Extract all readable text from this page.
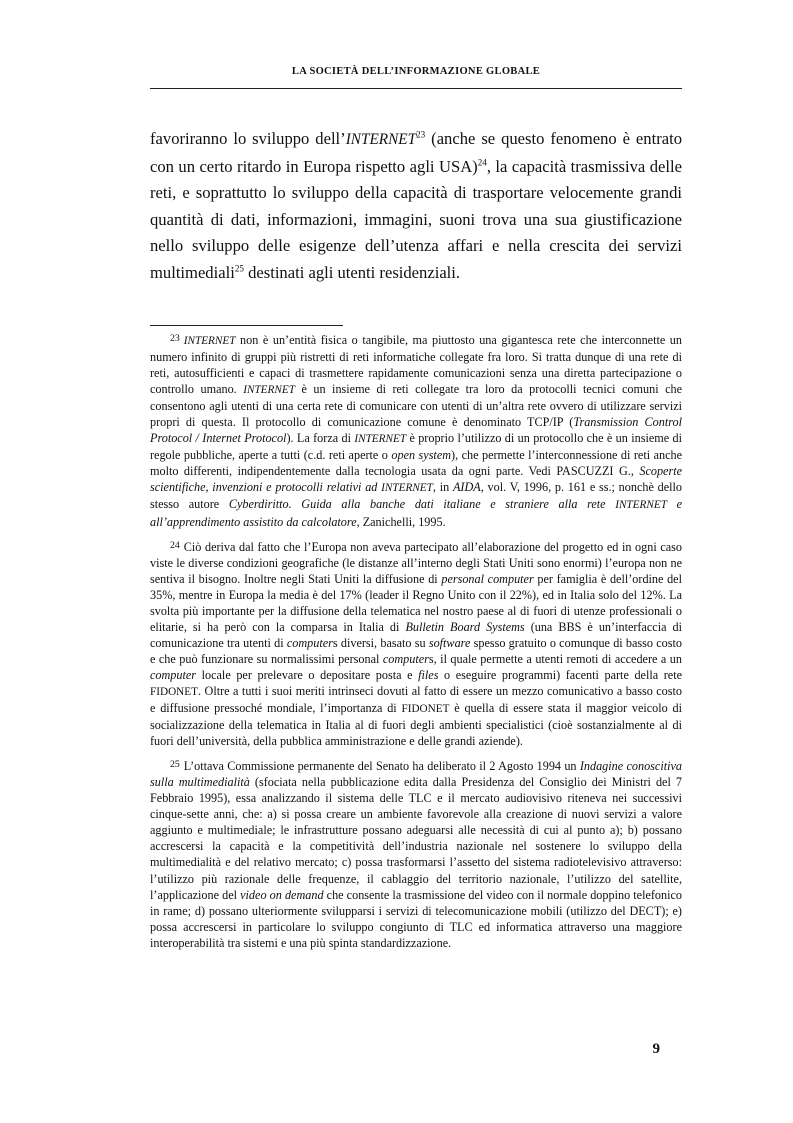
LA SOCIETÀ DELL’INFORMAZIONE GLOBALE
favoriranno lo sviluppo dell’INTERNET$^{23}$ (anche se questo fenomeno è entrato con un certo ritardo in Europa rispetto agli USA)$^{24}$, la capacità trasmissiva delle reti, e soprattutto lo sviluppo della capacità di trasportare velocemente grandi quantità di dati, informazioni, immagini, suoni trova una sua giustificazione nello sviluppo delle esigenze dell’utenza affari e nella crescita dei servizi multimediali$^{25}$ destinati agli utenti residenziali.

$^{23}$ INTERNET non è un’entità fisica o tangibile, ma piuttosto una gigantesca rete che interconnette un numero infinito di gruppi più ristretti di reti informatiche collegate fra loro. Si tratta dunque di una rete di reti, autosufficienti e capaci di trasmettere rapidamente comunicazioni senza una diretta partecipazione o controllo umano. INTERNET è un insieme di reti collegate tra loro da protocolli tecnici comuni che consentono agli utenti di una certa rete di comunicare con utenti di un’altra rete ovvero di utilizzare servizi propri di questa. Il protocollo di comunicazione comune è denominato TCP/IP (Transmission Control Protocol / Internet Protocol). La forza di INTERNET è proprio l’utilizzo di un protocollo che è un insieme di regole pubbliche, aperte a tutti (c.d. reti aperte o open system), che permette l’interconnessione di reti anche molto differenti, indipendentemente dalla tecnologia usata da ogni parte. Vedi PASCUZZI G., Scoperte scientifiche, invenzioni e protocolli relativi ad INTERNET, in AIDA, vol. V, 1996, p. 161 e ss.; nonchè dello stesso autore Cyberdiritto. Guida alla banche dati italiane e straniere alla rete INTERNET e all’apprendimento assistito da calcolatore, Zanichelli, 1995.

$^{24}$ Ciò deriva dal fatto che l’Europa non aveva partecipato all’elaborazione del progetto ed in ogni caso viste le diverse condizioni geografiche (le distanze all’interno degli Stati Uniti sono enormi) l’europa non ne sentiva il bisogno. Inoltre negli Stati Uniti la diffusione di personal computer per famiglia è dell’ordine del 35%, mentre in Europa la media è del 17% (leader il Regno Unito con il 22%), ed in Italia solo del 12%. La svolta più importante per la diffusione della telematica nel nostro paese al di fuori di utenze professionali o elitarie, si ha però con la comparsa in Italia di Bulletin Board Systems (una BBS è un’interfaccia di comunicazione tra utenti di computers diversi, basato su software spesso gratuito o comunque di basso costo e che può funzionare su normalissimi personal computers, il quale permette a utenti remoti di accedere a un computer locale per prelevare o depositare posta e files o eseguire programmi) facenti parte della rete FIDONET. Oltre a tutti i suoi meriti intrinseci dovuti al fatto di essere un mezzo comunicativo a basso costo e diffusione pressoché mondiale, l’importanza di FIDONET è quella di essere stata il maggior veicolo di socializzazione della telematica in Italia al di fuori degli ambienti specialistici (cioè sostanzialmente al di fuori dell’università, della pubblica amministrazione e delle grandi aziende).

$^{25}$ L’ottava Commissione permanente del Senato ha deliberato il 2 Agosto 1994 un Indagine conoscitiva sulla multimedialità (sfociata nella pubblicazione edita dalla Presidenza del Consiglio dei Ministri del 7 Febbraio 1995), essa analizzando il sistema delle TLC e il mercato audiovisivo riteneva nei successivi cinque-sette anni, che: a) si possa creare un ambiente favorevole alla creazione di nuovi servizi a valore aggiunto e multimediale; le infrastrutture possano adeguarsi alle necessità di cui al punto a); b) possano accrescersi la capacità e la competitività dell’industria nazionale nel sostenere lo sviluppo della multimedialità e del relativo mercato; c) possa trasformarsi l’assetto del sistema radiotelevisivo attraverso: l’utilizzo più razionale delle frequenze, il cablaggio del territorio nazionale, l’utilizzo del satellite, l’applicazione del video on demand che consente la trasmissione del video con il normale doppino telefonico in rame; d) possano ulteriormente svilupparsi i servizi di telecomunicazione mobili (utilizzo del DECT); e) possa accrescersi in particolare lo sviluppo congiunto di TLC ed informatica attraverso una maggiore interoperabilità tra sistemi e una più spinta standardizzazione.

9
